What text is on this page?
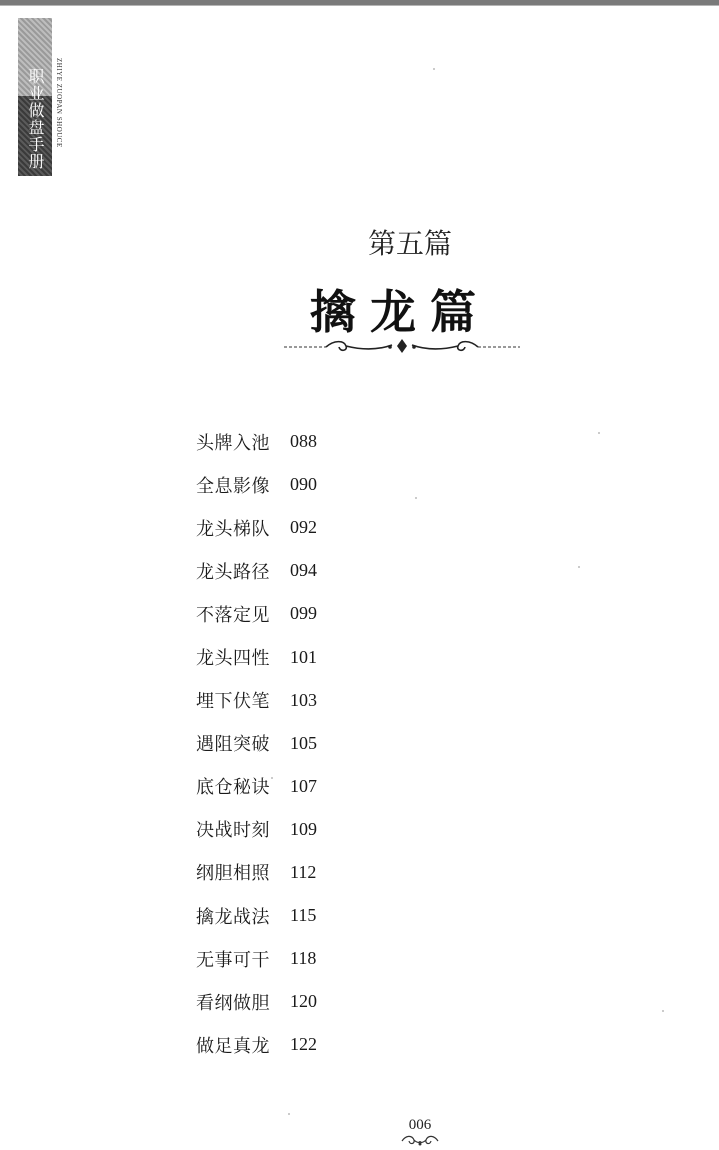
职业做盘手册 ZHIYE ZUOPAN SHOUCE
第五篇
擒龙篇
头牌入池	088
全息影像	090
龙头梯队	092
龙头路径	094
不落定见	099
龙头四性	101
埋下伏笔	103
遇阻突破	105
底仓秘诀	107
决战时刻	109
纲胆相照	112
擒龙战法	115
无事可干	118
看纲做胆	120
做足真龙	122
006
